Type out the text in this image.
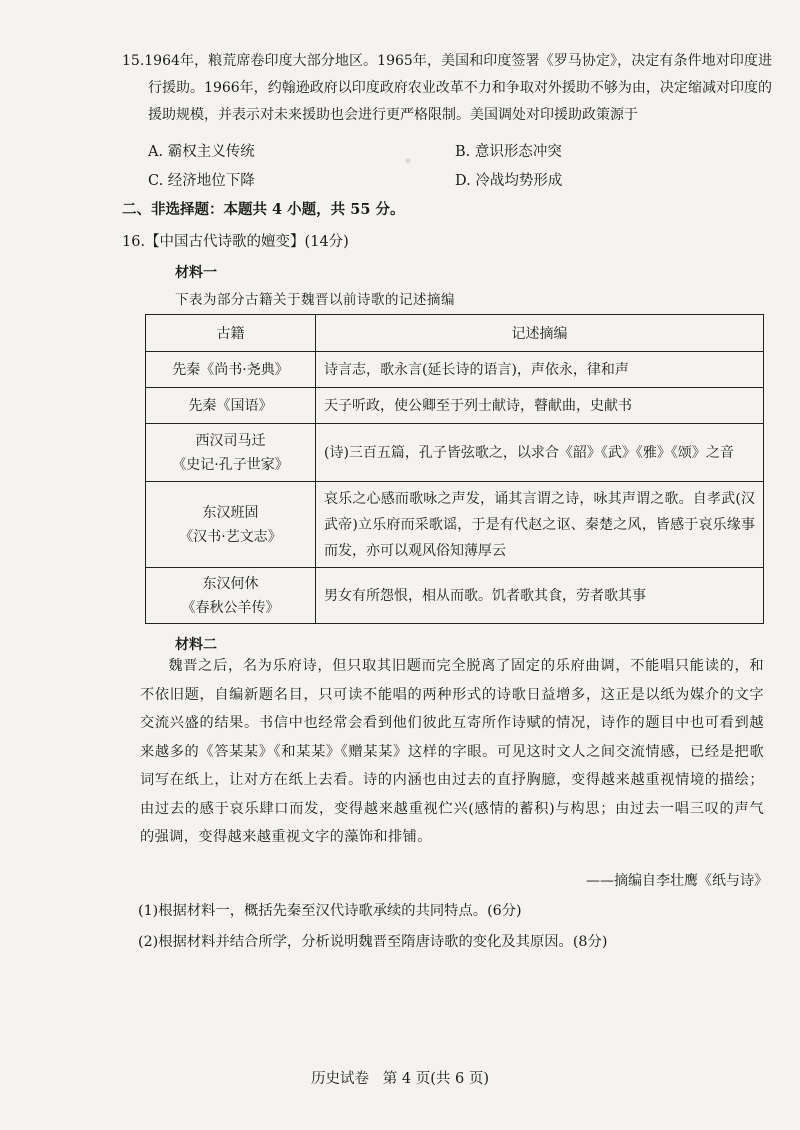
15.1964年，粮荒席卷印度大部分地区。1965年，美国和印度签署《罗马协定》，决定有条件地对印度进行援助。1966年，约翰逊政府以印度政府农业改革不力和争取对外援助不够为由，决定缩减对印度的援助规模，并表示对未来援助也会进行更严格限制。美国调处对印援助政策源于
A. 霸权主义传统	B. 意识形态冲突
C. 经济地位下降	D. 冷战均势形成
二、非选择题：本题共 4 小题，共 55 分。
16.【中国古代诗歌的嬗变】(14分)
材料一
下表为部分古籍关于魏晋以前诗歌的记述摘编
古籍	记述摘编

先秦《尚书·尧典》	诗言志，歌永言(延长诗的语言)，声依永，律和声

先秦《国语》	天子听政，使公卿至于列士献诗，瞽献曲，史献书

西汉司马迁
《史记·孔子世家》	(诗)三百五篇，孔子皆弦歌之，以求合《韶》《武》《雅》《颂》之音

东汉班固
《汉书·艺文志》	哀乐之心感而歌咏之声发，诵其言谓之诗，咏其声谓之歌。自孝武(汉武帝)立乐府而采歌谣，于是有代赵之讴、秦楚之风，皆感于哀乐缘事而发，亦可以观风俗知薄厚云

东汉何休
《春秋公羊传》	男女有所怨恨，相从而歌。饥者歌其食，劳者歌其事
材料二
魏晋之后，名为乐府诗，但只取其旧题而完全脱离了固定的乐府曲调，不能唱只能读的，和不依旧题，自编新题名目，只可读不能唱的两种形式的诗歌日益增多，这正是以纸为媒介的文字交流兴盛的结果。书信中也经常会看到他们彼此互寄所作诗赋的情况，诗作的题目中也可看到越来越多的《答某某》《和某某》《赠某某》这样的字眼。可见这时文人之间交流情感，已经是把歌词写在纸上，让对方在纸上去看。诗的内涵也由过去的直抒胸臆，变得越来越重视情境的描绘；由过去的感于哀乐肆口而发，变得越来越重视伫兴(感情的蓄积)与构思；由过去一唱三叹的声气的强调，变得越来越重视文字的藻饰和排铺。
——摘编自李壮鹰《纸与诗》
(1)根据材料一，概括先秦至汉代诗歌承续的共同特点。(6分)
(2)根据材料并结合所学，分析说明魏晋至隋唐诗歌的变化及其原因。(8分)
历史试卷   第 4 页(共 6 页)
